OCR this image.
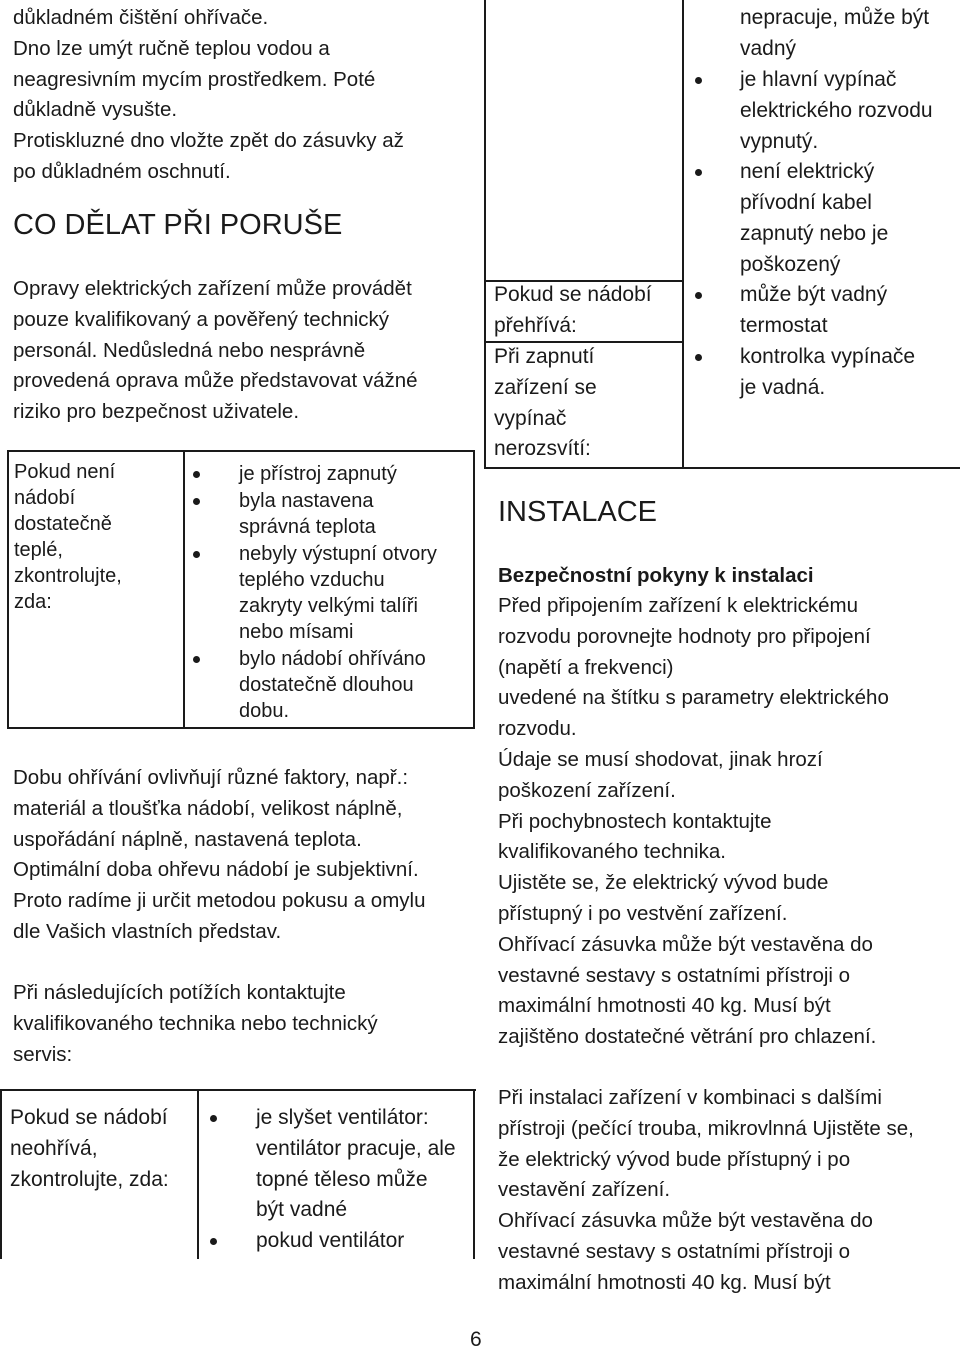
důkladném čištění ohřívače.
Dno lze umýt ručně teplou vodou a
neagresivním mycím prostředkem. Poté
důkladně vysušte.
Protiskluzné dno vložte zpět do zásuvky až
po důkladném oschnutí.

CO DĚLAT PŘI PORUŠE

Opravy elektrických zařízení může provádět
pouze kvalifikovaný a pověřený technický
personál. Nedůsledná nebo nesprávně
provedená oprava může představovat vážné
riziko pro bezpečnost uživatele.

Pokud není
nádobí
dostatečně
teplé,
zkontrolujte,
zda:

je přístroj zapnutý

byla nastavena
správná teplota

nebyly výstupní otvory
teplého vzduchu
zakryty velkými talíři
nebo mísami

bylo nádobí ohříváno
dostatečně dlouhou
dobu.

Dobu ohřívání ovlivňují různé faktory, např.:
materiál a tloušťka nádobí, velikost náplně,
uspořádání náplně, nastavená teplota.
Optimální doba ohřevu nádobí je subjektivní.
Proto radíme ji určit metodou pokusu a omylu
dle Vašich vlastních představ.

Při následujících potížích kontaktujte
kvalifikovaného technika nebo technický
servis:

Pokud se nádobí
neohřívá,
zkontrolujte, zda:

je slyšet ventilátor:
ventilátor pracuje, ale
topné těleso může
být vadné

pokud ventilátor

nepracuje, může být
vadný

je hlavní vypínač
elektrického rozvodu
vypnutý.

není elektrický
přívodní kabel
zapnutý nebo je
poškozený

Pokud se nádobí
přehřívá:

může být vadný
termostat

Při zapnutí
zařízení se
vypínač
nerozsvítí:

kontrolka vypínače
je vadná.

INSTALACE

Bezpečnostní pokyny k instalaci

Před připojením zařízení k elektrickému
rozvodu porovnejte hodnoty pro připojení
(napětí a frekvenci)
uvedené na štítku s parametry elektrického
rozvodu.
Údaje se musí shodovat, jinak hrozí
poškození zařízení.
Při pochybnostech kontaktujte
kvalifikovaného technika.
Ujistěte se, že elektrický vývod bude
přístupný i po vestvění zařízení.
Ohřívací zásuvka může být vestavěna do
vestavné sestavy s ostatními přístroji o
maximální hmotnosti 40 kg. Musí být
zajištěno dostatečné větrání pro chlazení.

Při instalaci zařízení v kombinaci s dalšími
přístroji (pečící trouba, mikrovlnná Ujistěte se,
že elektrický vývod bude přístupný i po
vestavění zařízení.
Ohřívací zásuvka může být vestavěna do
vestavné sestavy s ostatními přístroji o
maximální hmotnosti 40 kg. Musí být

6
